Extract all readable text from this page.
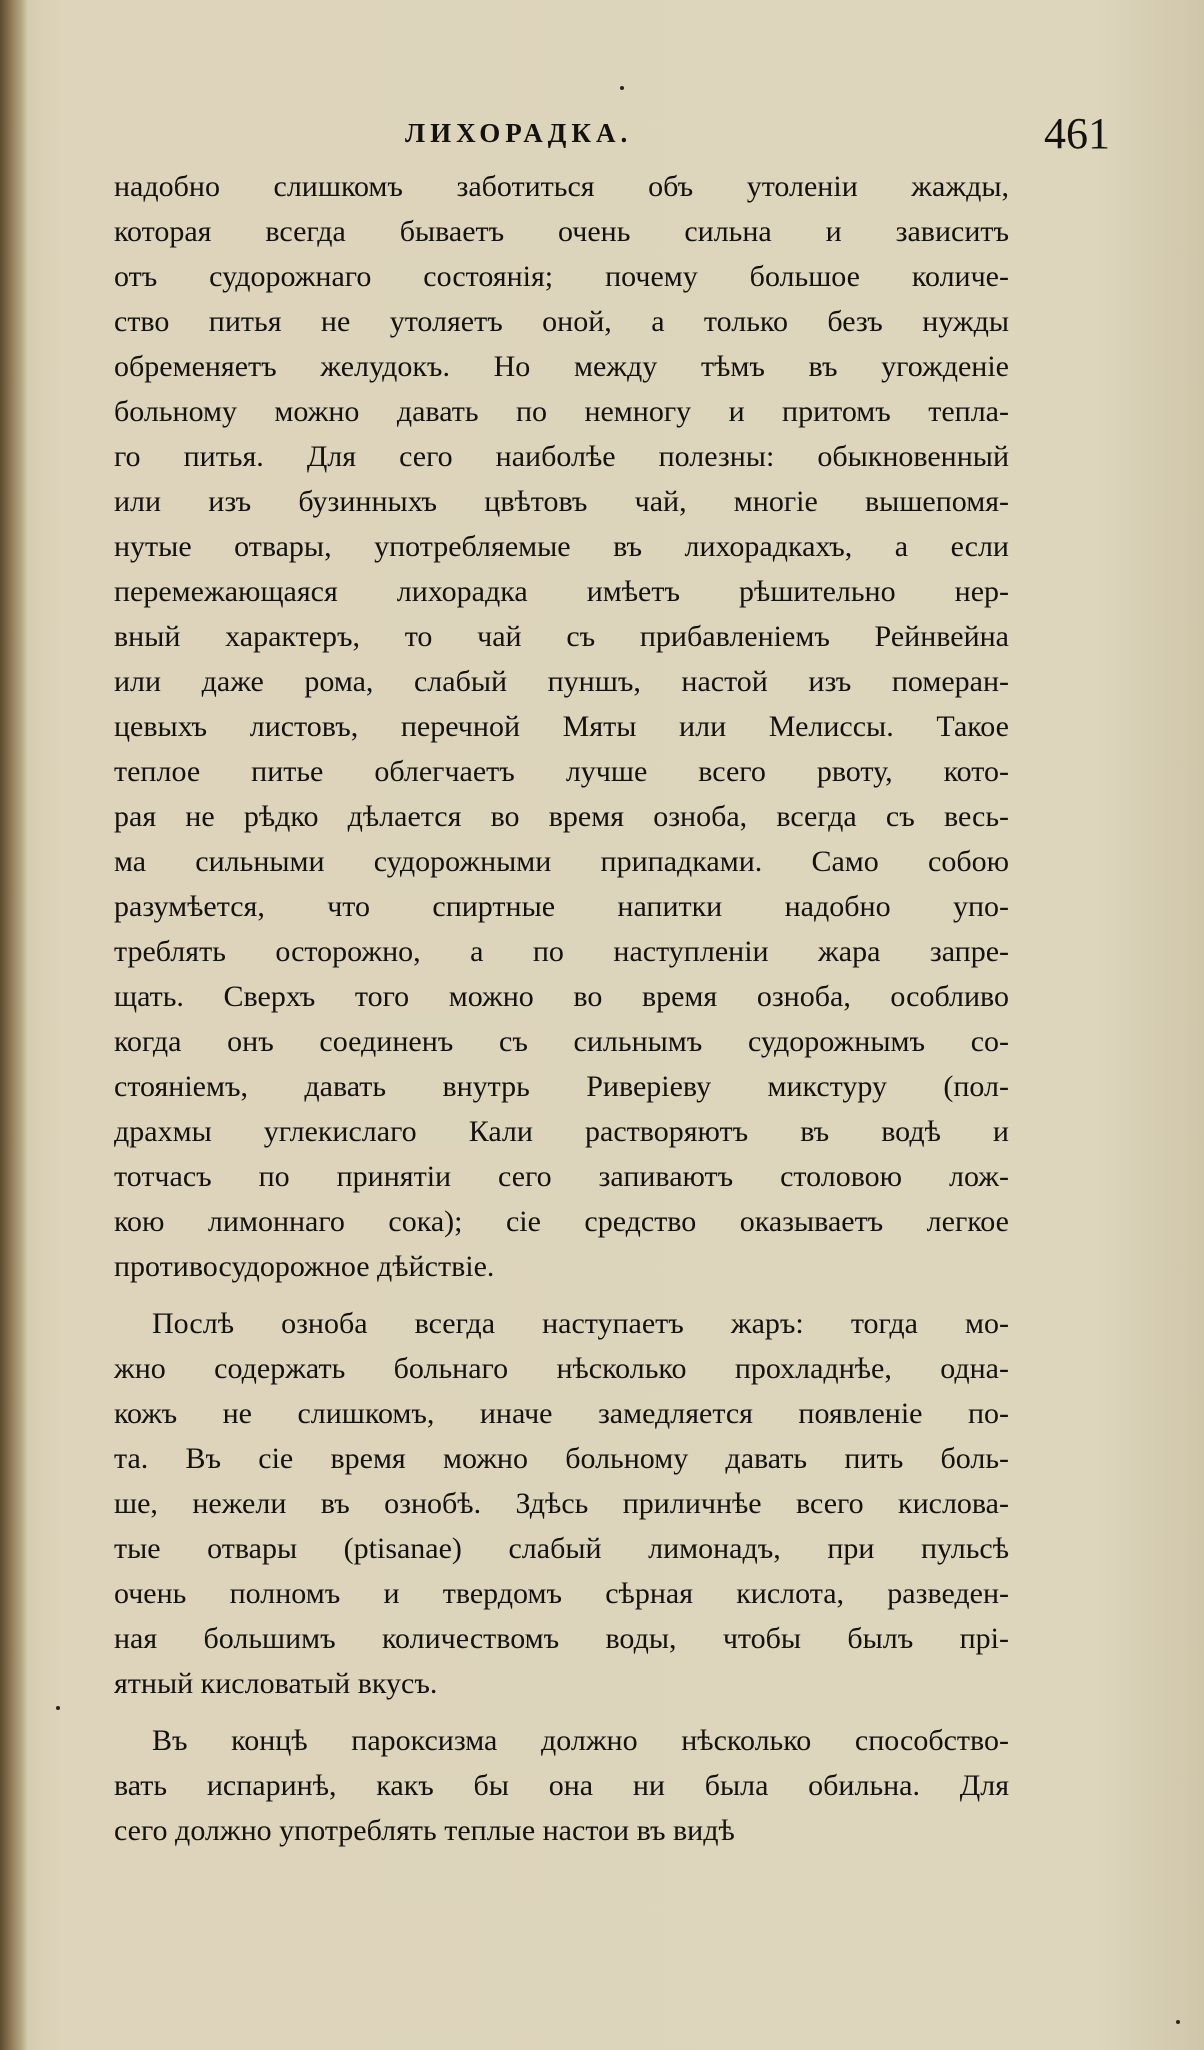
ЛИХОРАДКА.	461
надобно слишкомъ заботиться объ утоленіи жажды,
которая всегда бываетъ очень сильна и зависитъ
отъ судорожнаго состоянія; почему большое количе-
ство питья не утоляетъ оной, а только безъ нужды
обременяетъ желудокъ. Но между тѣмъ въ угожденіе
больному можно давать по немногу и притомъ тепла-
го питья. Для сего наиболѣе полезны: обыкновенный
или изъ бузинныхъ цвѣтовъ чай, многіе вышепомя-
нутые отвары, употребляемые въ лихорадкахъ, а если
перемежающаяся лихорадка имѣетъ рѣшительно нер-
вный характеръ, то чай съ прибавленіемъ Рейнвейна
или даже рома, слабый пуншъ, настой изъ померан-
цевыхъ листовъ, перечной Мяты или Мелиссы. Такое
теплое питье облегчаетъ лучше всего рвоту, кото-
рая не рѣдко дѣлается во время озноба, всегда съ весь-
ма сильными судорожными припадками. Само собою
разумѣется, что спиртные напитки надобно упо-
треблять осторожно, а по наступленіи жара запре-
щать. Сверхъ того можно во время озноба, особливо
когда онъ соединенъ съ сильнымъ судорожнымъ со-
стояніемъ, давать внутрь Риверіеву микстуру (пол-
драхмы углекислаго Кали растворяютъ въ водѣ и
тотчасъ по принятіи сего запиваютъ столовою лож-
кою лимоннаго сока); сіе средство оказываетъ легкое
противосудорожное дѣйствіе.
Послѣ озноба всегда наступаетъ жаръ: тогда мо-
жно содержать больнаго нѣсколько прохладнѣе, одна-
кожъ не слишкомъ, иначе замедляется появленіе по-
та. Въ сіе время можно больному давать пить боль-
ше, нежели въ ознобѣ. Здѣсь приличнѣе всего кислова-
тые отвары (ptisanae) слабый лимонадъ, при пульсѣ
очень полномъ и твердомъ сѣрная кислота, разведен-
ная большимъ количествомъ воды, чтобы былъ прі-
ятный кисловатый вкусъ.
Въ концѣ пароксизма должно нѣсколько способство-
вать испаринѣ, какъ бы она ни была обильна. Для
сего должно употреблять теплые настои въ видѣ
